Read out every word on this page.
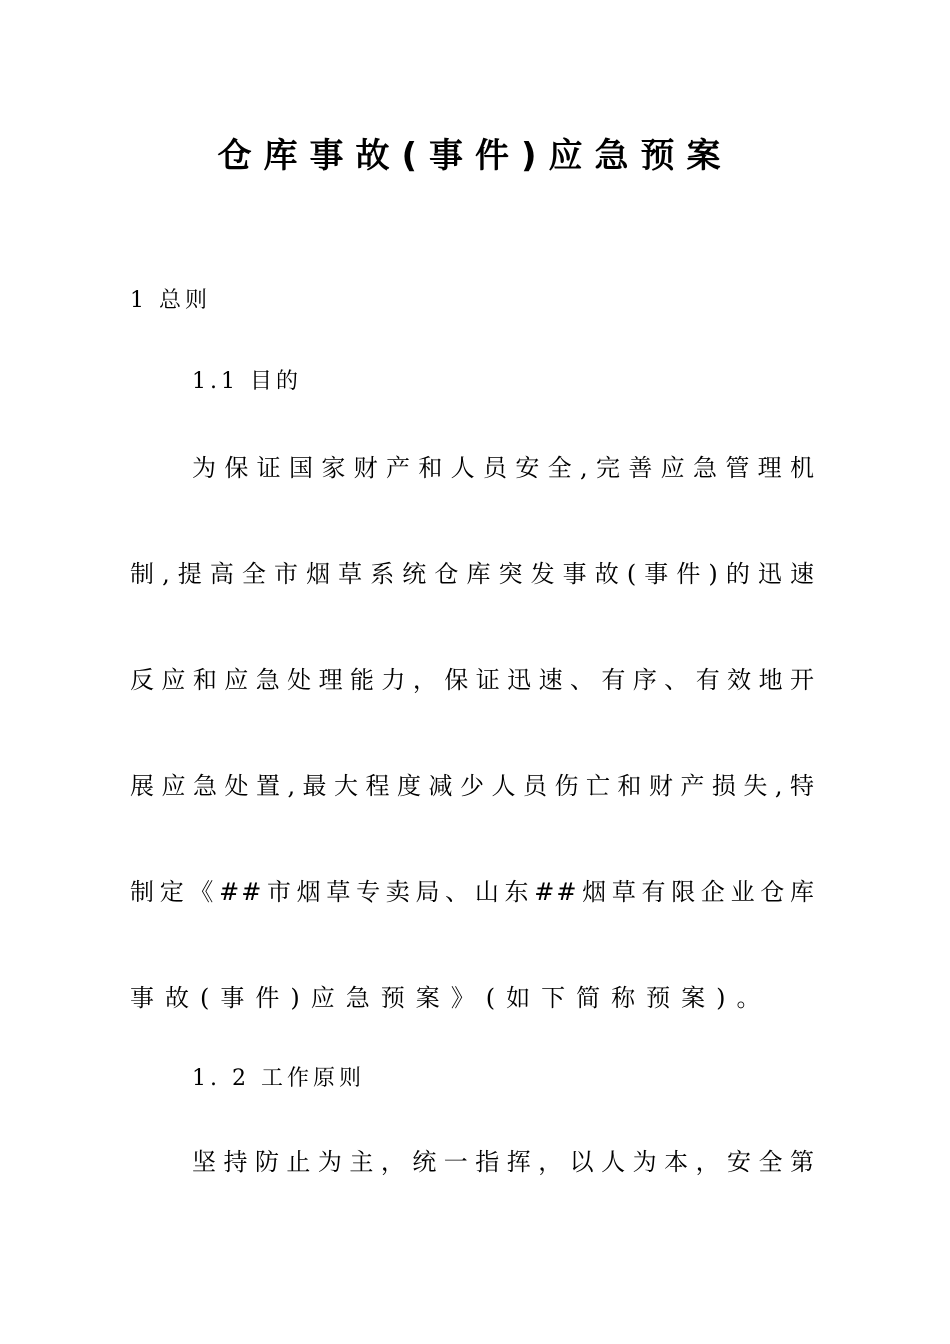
仓库事故(事件)应急预案
1 总则
1.1 目的
为保证国家财产和人员安全,完善应急管理机
制,提高全市烟草系统仓库突发事故(事件)的迅速
反应和应急处理能力，保证迅速、有序、有效地开
展应急处置,最大程度减少人员伤亡和财产损失,特
制定《##市烟草专卖局、山东##烟草有限企业仓库
事故(事件)应急预案》(如下简称预案)。
1. 2 工作原则
坚持防止为主，统一指挥，以人为本，安全第
